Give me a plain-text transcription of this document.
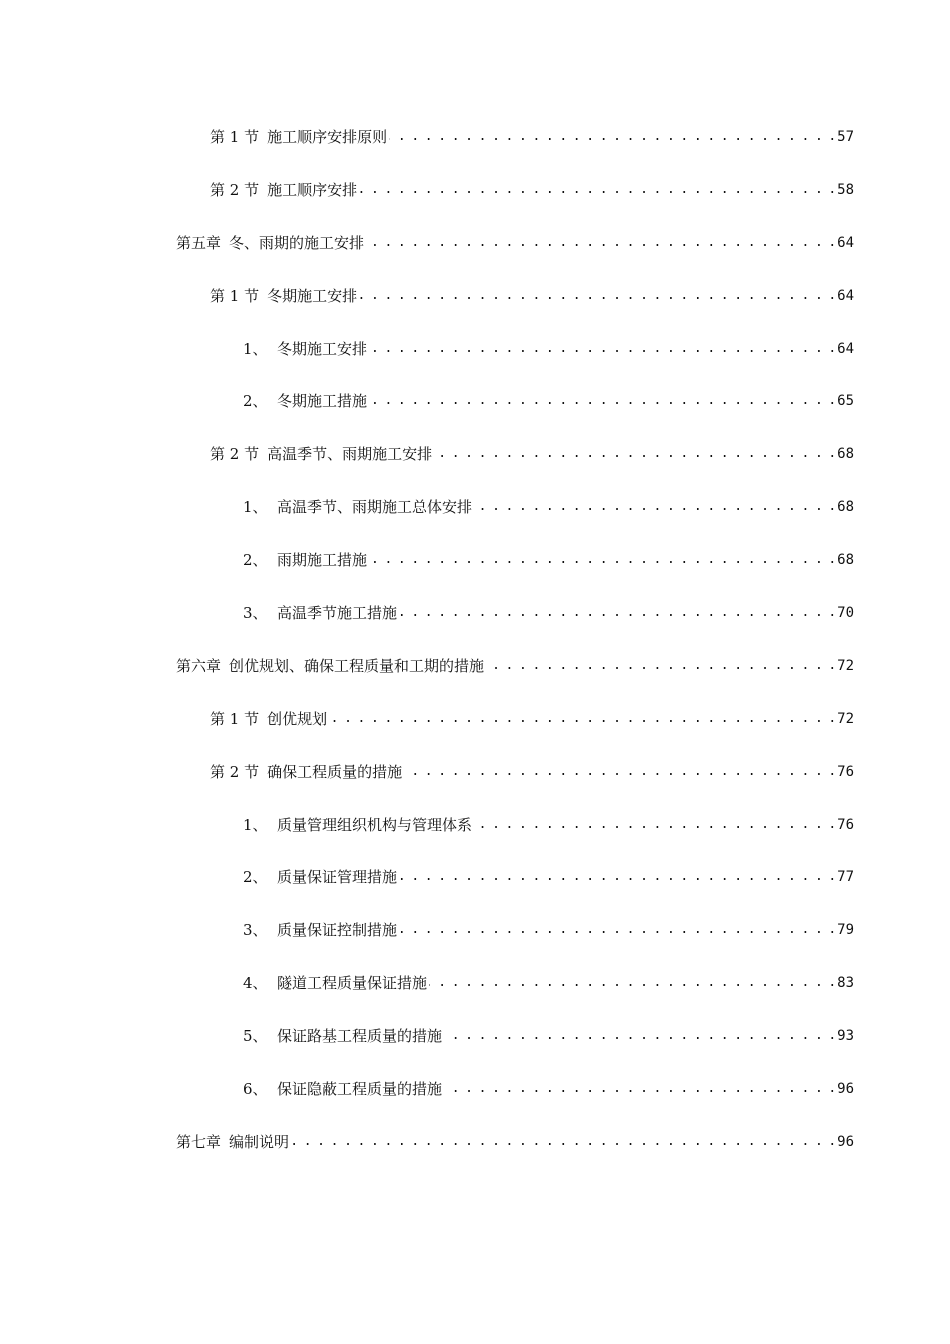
第 1 节 施工顺序安排原则 . . .	57
第 2 节 施工顺序安排 . . .	58
第五章 冬、雨期的施工安排 . . .	64
第 1 节 冬期施工安排 . . .	64
1、 冬期施工安排 . . .	64
2、 冬期施工措施 . . .	65
第 2 节 高温季节、雨期施工安排 . . .	68
1、 高温季节、雨期施工总体安排 . . .	68
2、 雨期施工措施 . . .	68
3、 高温季节施工措施 . . .	70
第六章 创优规划、确保工程质量和工期的措施 . . .	72
第 1 节 创优规划 . . .	72
第 2 节 确保工程质量的措施 . . .	76
1、 质量管理组织机构与管理体系 . . .	76
2、 质量保证管理措施 . . .	77
3、 质量保证控制措施 . . .	79
4、 隧道工程质量保证措施 . . .	83
5、 保证路基工程质量的措施 . . .	93
6、 保证隐蔽工程质量的措施 . . .	96
第七章 编制说明 . . .	96
